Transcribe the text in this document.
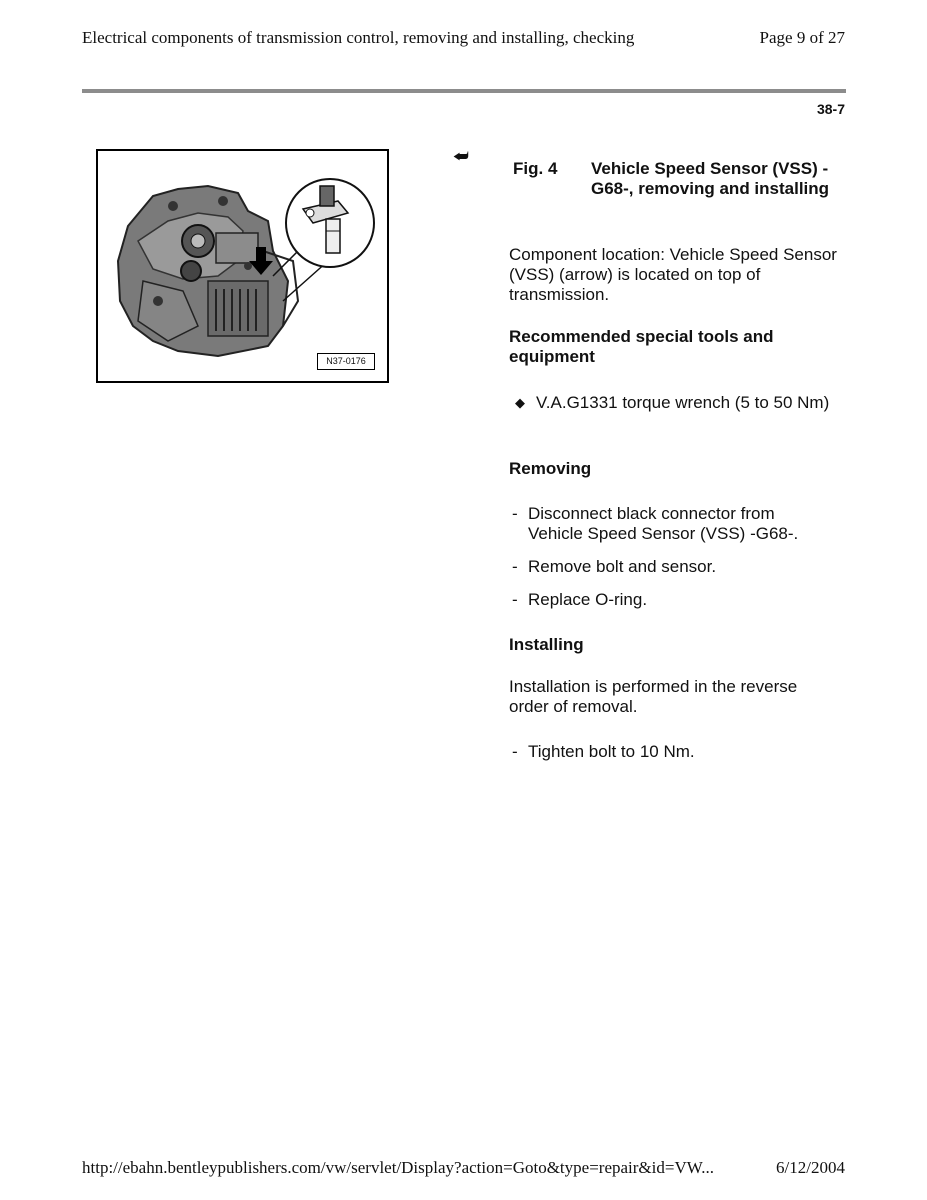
Electrical components of transmission control, removing and installing, checking	Page 9 of 27
38-7
N37-0176
⮨
Fig. 4 Vehicle Speed Sensor (VSS) -G68-, removing and installing
Component location: Vehicle Speed Sensor (VSS) (arrow) is located on top of transmission.
Recommended special tools and equipment
◆ V.A.G1331 torque wrench (5 to 50 Nm)
Removing
- Disconnect black connector from Vehicle Speed Sensor (VSS) -G68-.
- Remove bolt and sensor.
- Replace O-ring.
Installing
Installation is performed in the reverse order of removal.
- Tighten bolt to 10 Nm.
http://ebahn.bentleypublishers.com/vw/servlet/Display?action=Goto&type=repair&id=VW...	6/12/2004
